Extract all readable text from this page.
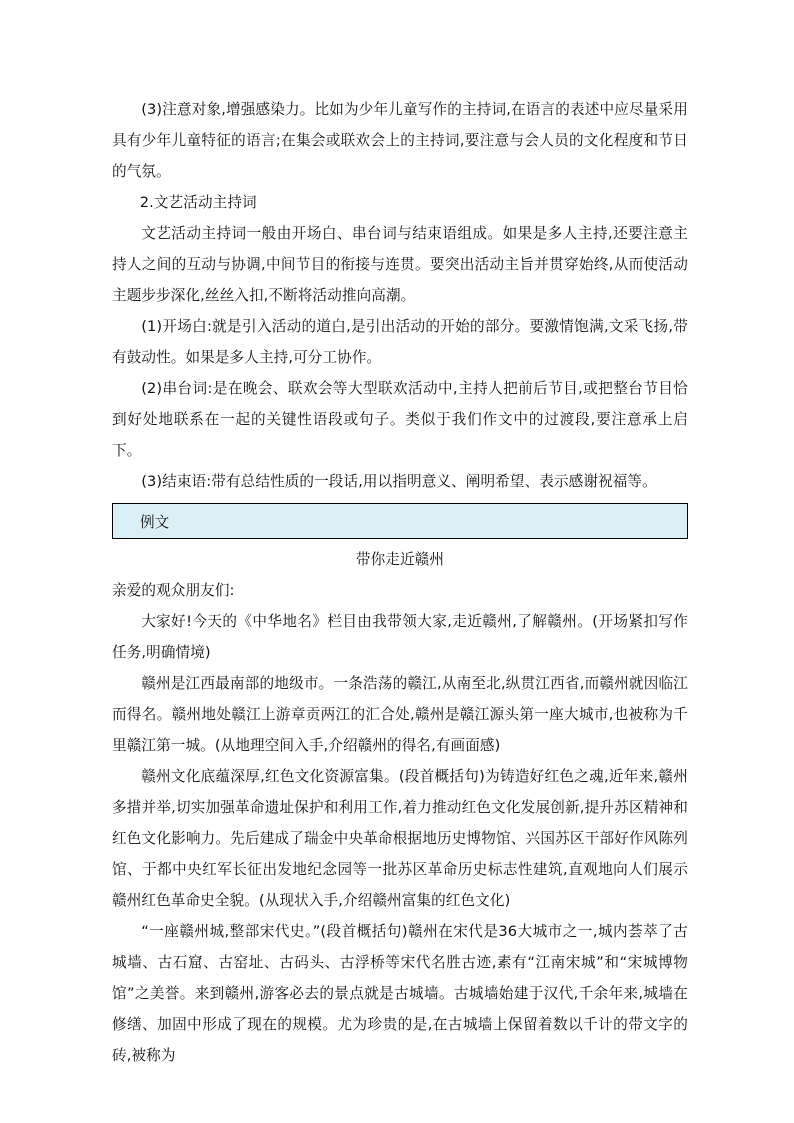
(3)注意对象,增强感染力。比如为少年儿童写作的主持词,在语言的表述中应尽量采用具有少年儿童特征的语言;在集会或联欢会上的主持词,要注意与会人员的文化程度和节日的气氛。

2.文艺活动主持词

文艺活动主持词一般由开场白、串台词与结束语组成。如果是多人主持,还要注意主持人之间的互动与协调,中间节目的衔接与连贯。要突出活动主旨并贯穿始终,从而使活动主题步步深化,丝丝入扣,不断将活动推向高潮。

(1)开场白:就是引入活动的道白,是引出活动的开始的部分。要激情饱满,文采飞扬,带有鼓动性。如果是多人主持,可分工协作。

(2)串台词:是在晚会、联欢会等大型联欢活动中,主持人把前后节目,或把整台节目恰到好处地联系在一起的关键性语段或句子。类似于我们作文中的过渡段,要注意承上启下。

(3)结束语:带有总结性质的一段话,用以指明意义、阐明希望、表示感谢祝福等。

例文

带你走近赣州

亲爱的观众朋友们:

大家好!今天的《中华地名》栏目由我带领大家,走近赣州,了解赣州。(开场紧扣写作任务,明确情境)

赣州是江西最南部的地级市。一条浩荡的赣江,从南至北,纵贯江西省,而赣州就因临江而得名。赣州地处赣江上游章贡两江的汇合处,赣州是赣江源头第一座大城市,也被称为千里赣江第一城。(从地理空间入手,介绍赣州的得名,有画面感)

赣州文化底蕴深厚,红色文化资源富集。(段首概括句)为铸造好红色之魂,近年来,赣州多措并举,切实加强革命遗址保护和利用工作,着力推动红色文化发展创新,提升苏区精神和红色文化影响力。先后建成了瑞金中央革命根据地历史博物馆、兴国苏区干部好作风陈列馆、于都中央红军长征出发地纪念园等一批苏区革命历史标志性建筑,直观地向人们展示赣州红色革命史全貌。(从现状入手,介绍赣州富集的红色文化)

“一座赣州城,整部宋代史。”(段首概括句)赣州在宋代是36大城市之一,城内荟萃了古城墙、古石窟、古窑址、古码头、古浮桥等宋代名胜古迹,素有“江南宋城”和“宋城博物馆”之美誉。来到赣州,游客必去的景点就是古城墙。古城墙始建于汉代,千余年来,城墙在修缮、加固中形成了现在的规模。尤为珍贵的是,在古城墙上保留着数以千计的带文字的砖,被称为
